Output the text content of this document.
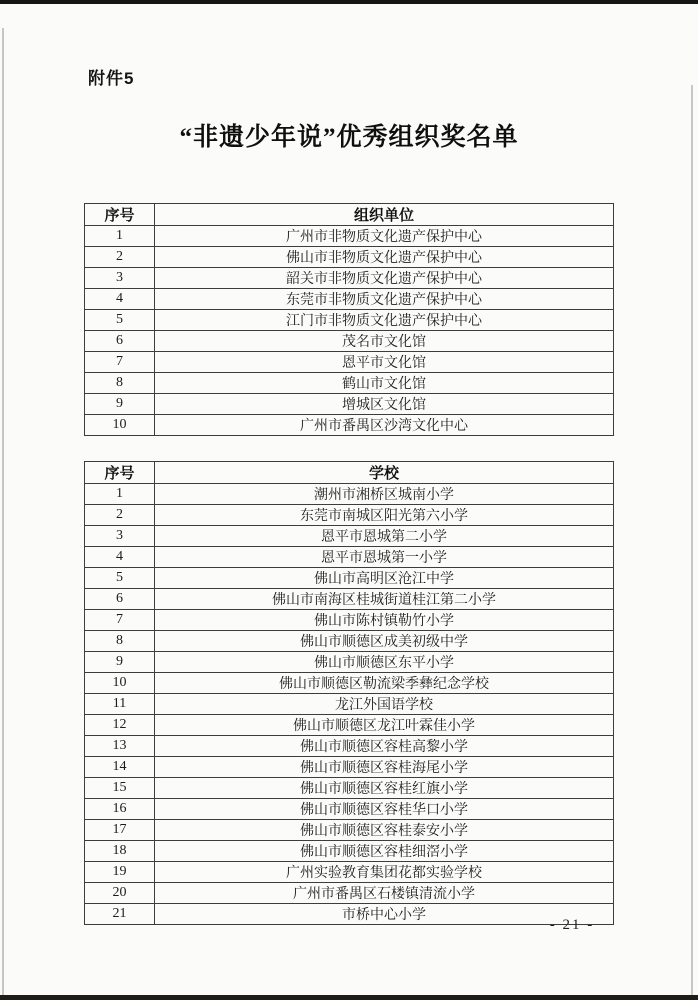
附件5
“非遗少年说”优秀组织奖名单
序号	组织单位
1	广州市非物质文化遗产保护中心
2	佛山市非物质文化遗产保护中心
3	韶关市非物质文化遗产保护中心
4	东莞市非物质文化遗产保护中心
5	江门市非物质文化遗产保护中心
6	茂名市文化馆
7	恩平市文化馆
8	鹤山市文化馆
9	增城区文化馆
10	广州市番禺区沙湾文化中心
序号	学校
1	潮州市湘桥区城南小学
2	东莞市南城区阳光第六小学
3	恩平市恩城第二小学
4	恩平市恩城第一小学
5	佛山市高明区沧江中学
6	佛山市南海区桂城街道桂江第二小学
7	佛山市陈村镇勒竹小学
8	佛山市顺德区成美初级中学
9	佛山市顺德区东平小学
10	佛山市顺德区勒流梁季彝纪念学校
11	龙江外国语学校
12	佛山市顺德区龙江叶霖佳小学
13	佛山市顺德区容桂高黎小学
14	佛山市顺德区容桂海尾小学
15	佛山市顺德区容桂红旗小学
16	佛山市顺德区容桂华口小学
17	佛山市顺德区容桂泰安小学
18	佛山市顺德区容桂细滘小学
19	广州实验教育集团花都实验学校
20	广州市番禺区石楼镇清流小学
21	市桥中心小学
- 21 -
